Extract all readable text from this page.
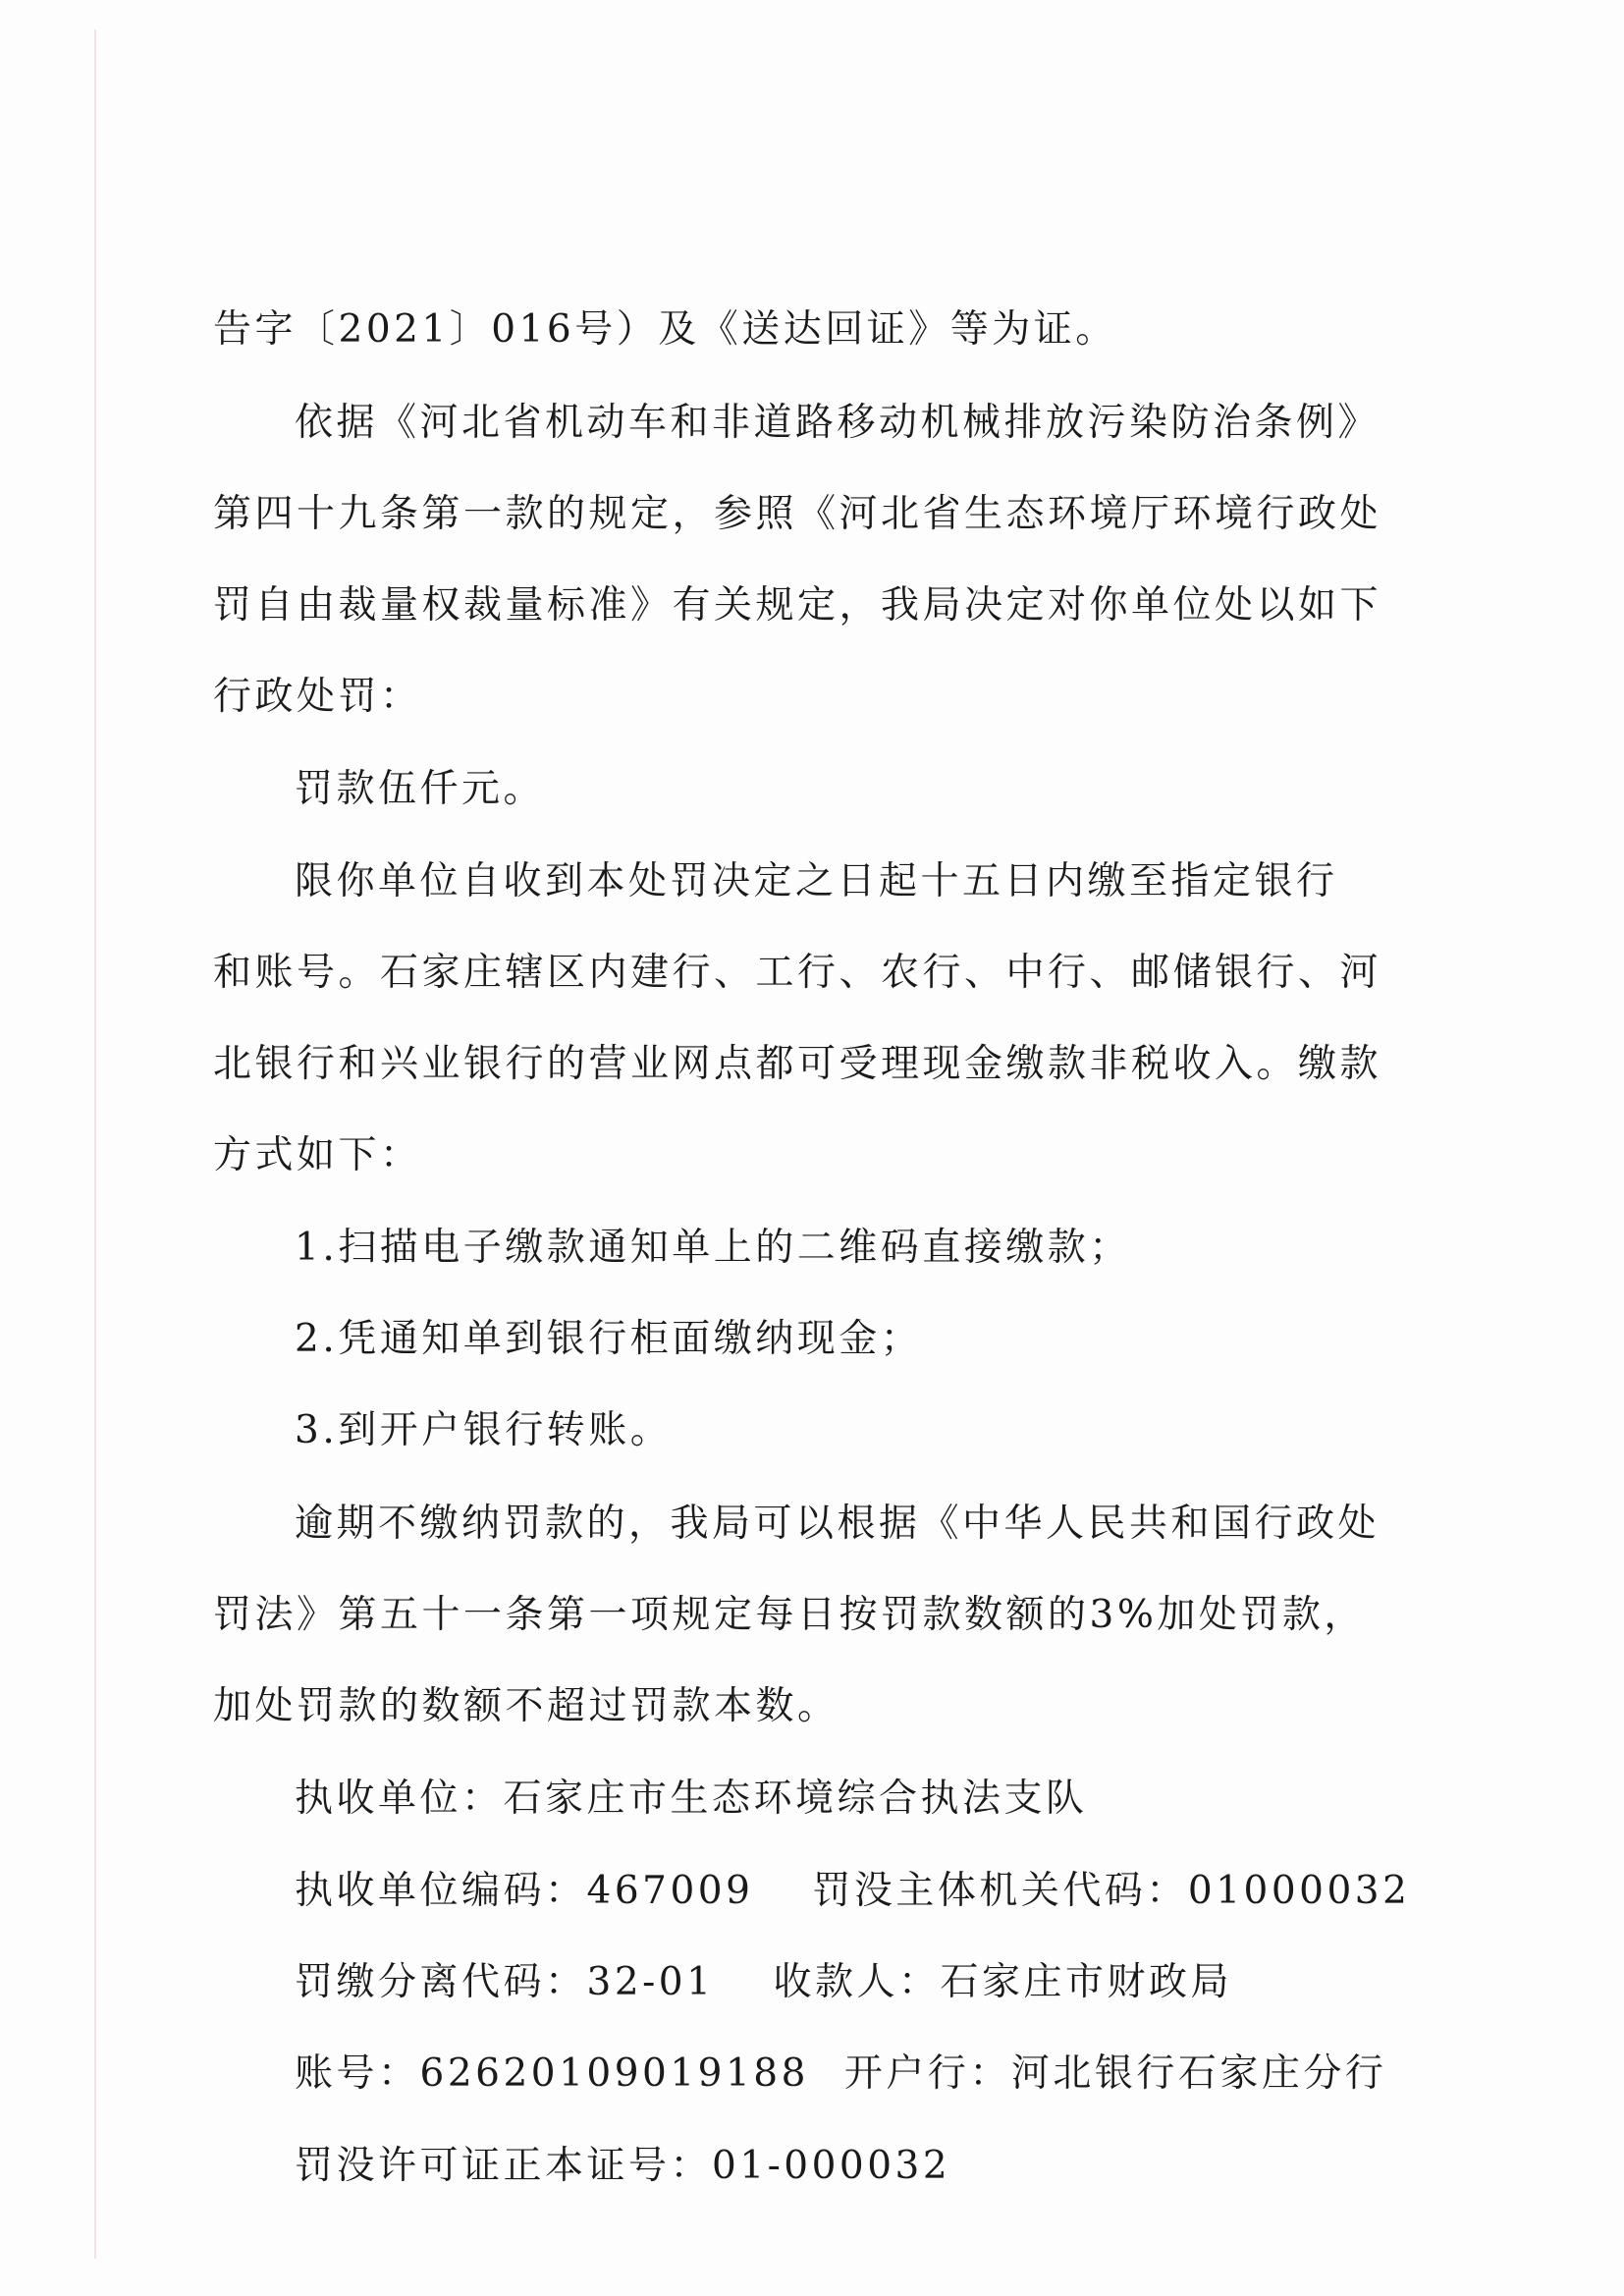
告字〔2021〕016号）及《送达回证》等为证。
依据《河北省机动车和非道路移动机械排放污染防治条例》
第四十九条第一款的规定，参照《河北省生态环境厅环境行政处
罚自由裁量权裁量标准》有关规定，我局决定对你单位处以如下
行政处罚：
罚款伍仟元。
限你单位自收到本处罚决定之日起十五日内缴至指定银行
和账号。石家庄辖区内建行、工行、农行、中行、邮储银行、河
北银行和兴业银行的营业网点都可受理现金缴款非税收入。缴款
方式如下：
1.扫描电子缴款通知单上的二维码直接缴款；
2.凭通知单到银行柜面缴纳现金；
3.到开户银行转账。
逾期不缴纳罚款的，我局可以根据《中华人民共和国行政处
罚法》第五十一条第一项规定每日按罚款数额的3%加处罚款，
加处罚款的数额不超过罚款本数。
执收单位：石家庄市生态环境综合执法支队
执收单位编码：467009 罚没主体机关代码：01000032
罚缴分离代码：32-01 收款人：石家庄市财政局
账号：62620109019188 开户行：河北银行石家庄分行
罚没许可证正本证号：01-000032
